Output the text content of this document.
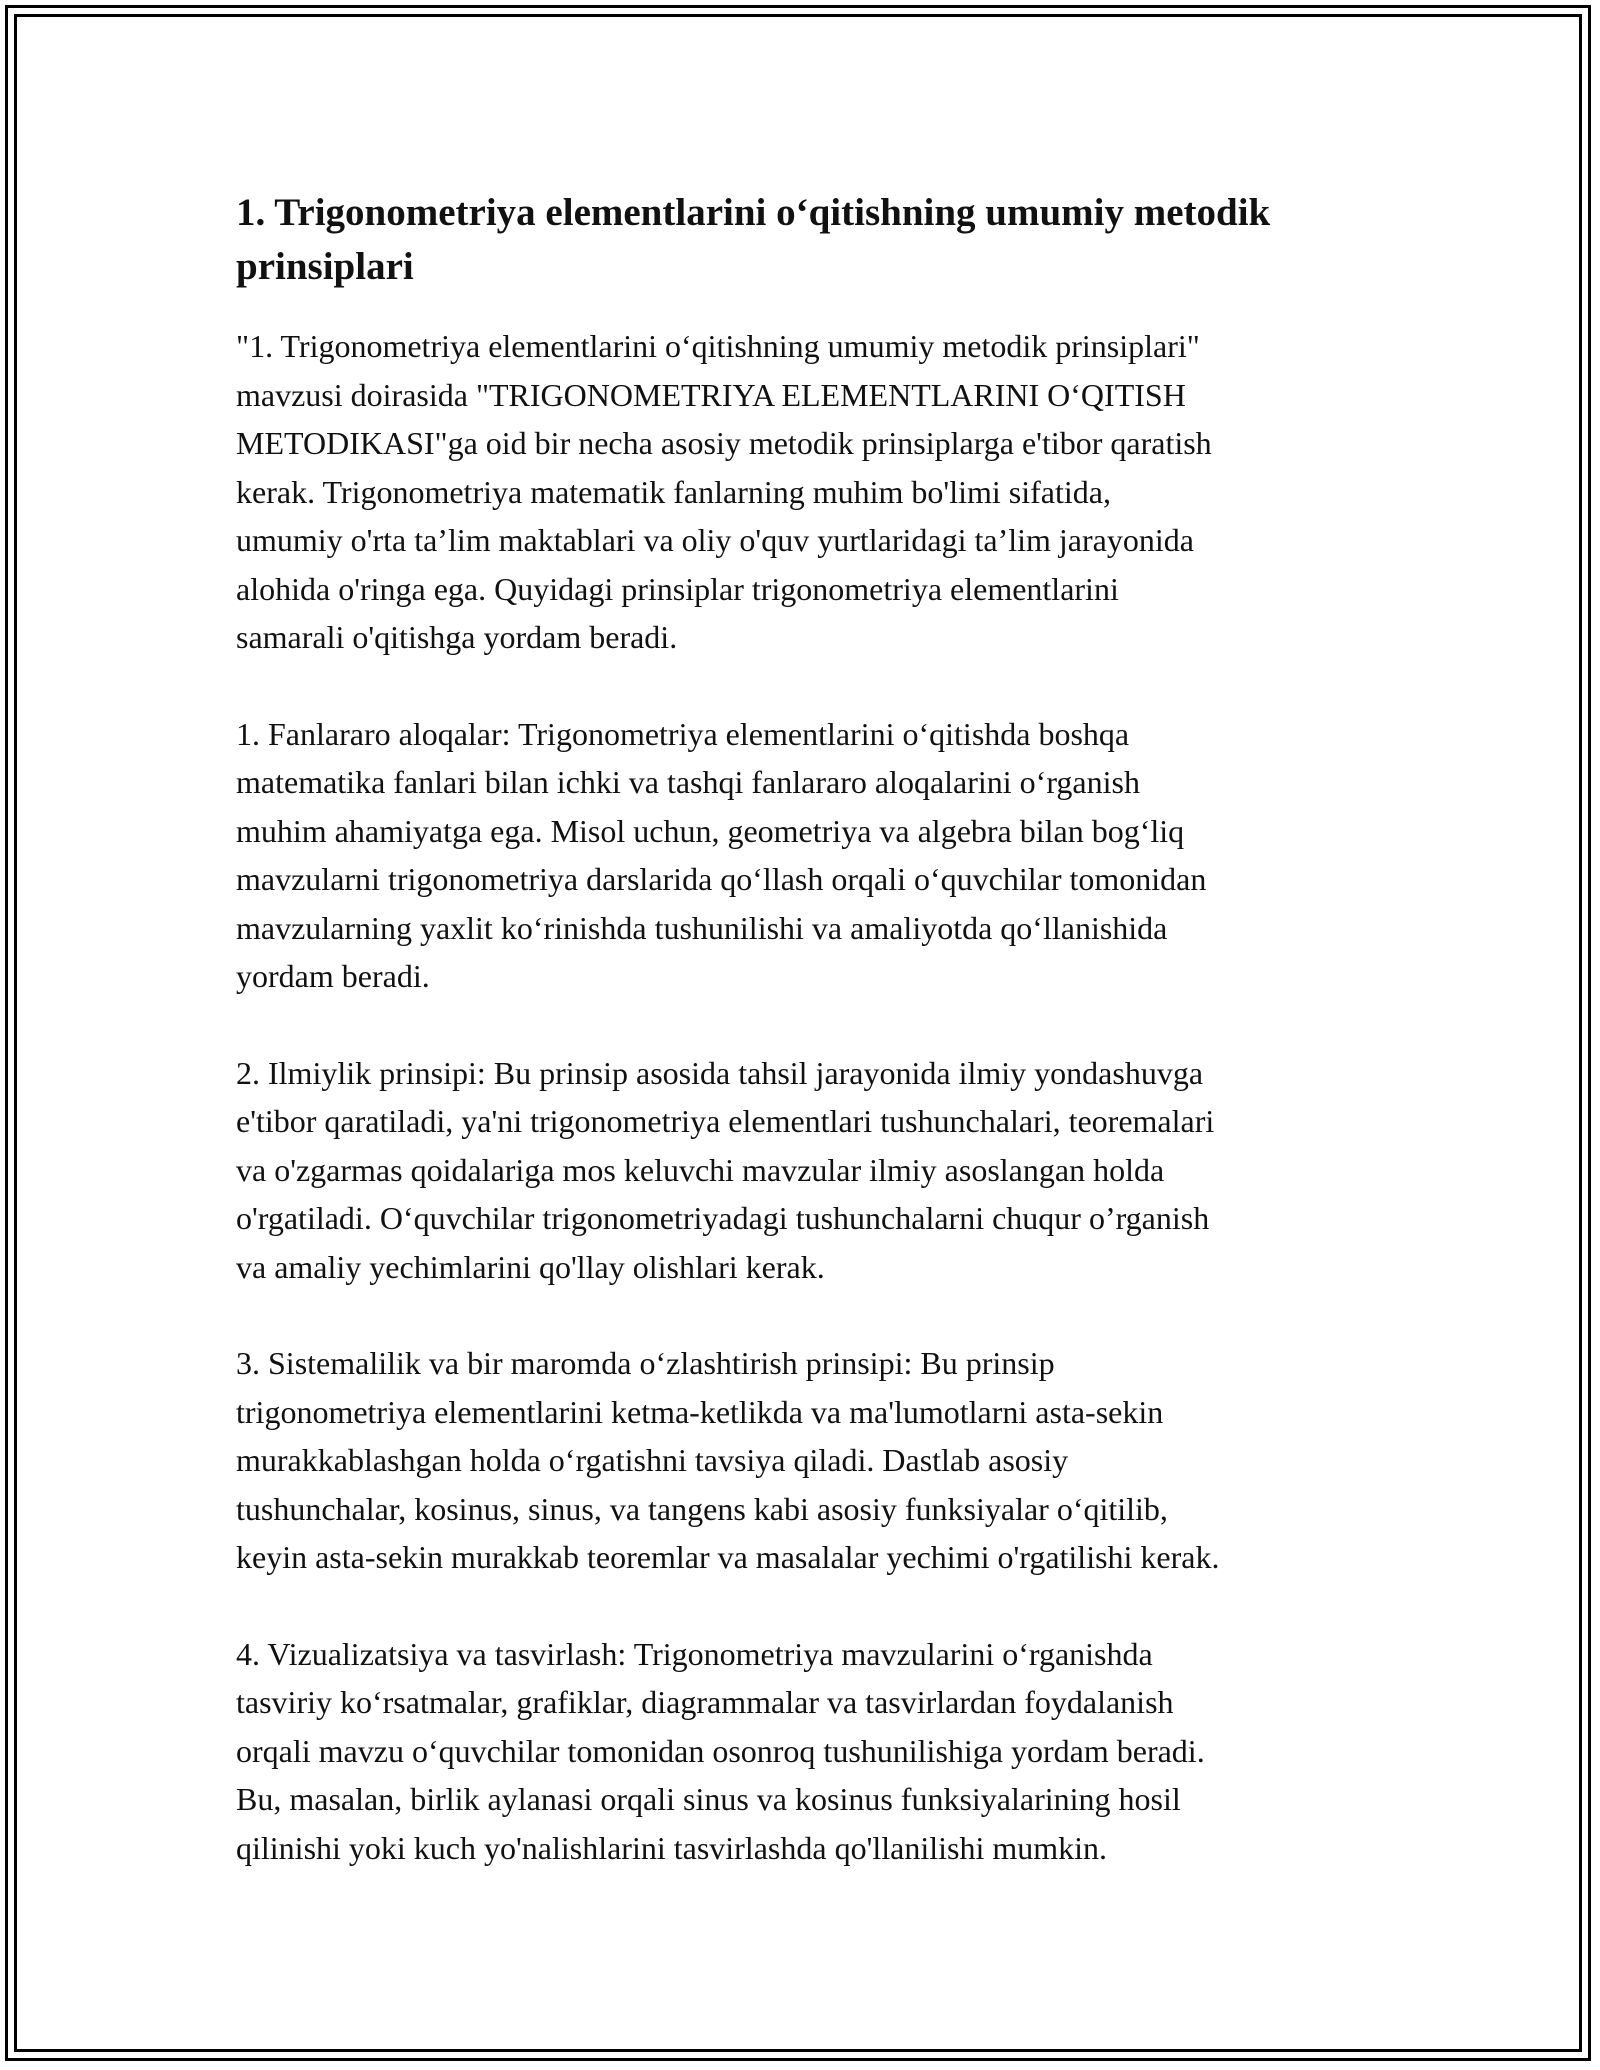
1. Trigonometriya elementlarini o‘qitishning umumiy metodik prinsiplari

"1. Trigonometriya elementlarini o‘qitishning umumiy metodik prinsiplari"
mavzusi doirasida "TRIGONOMETRIYA ELEMENTLARINI O‘QITISH
METODIKASI"ga oid bir necha asosiy metodik prinsiplarga e'tibor qaratish
kerak. Trigonometriya matematik fanlarning muhim bo'limi sifatida,
umumiy o'rta ta’lim maktablari va oliy o'quv yurtlaridagi ta’lim jarayonida
alohida o'ringa ega. Quyidagi prinsiplar trigonometriya elementlarini
samarali o'qitishga yordam beradi.

1. Fanlararo aloqalar: Trigonometriya elementlarini o‘qitishda boshqa
matematika fanlari bilan ichki va tashqi fanlararo aloqalarini o‘rganish
muhim ahamiyatga ega. Misol uchun, geometriya va algebra bilan bog‘liq
mavzularni trigonometriya darslarida qo‘llash orqali o‘quvchilar tomonidan
mavzularning yaxlit ko‘rinishda tushunilishi va amaliyotda qo‘llanishida
yordam beradi.

2. Ilmiylik prinsipi: Bu prinsip asosida tahsil jarayonida ilmiy yondashuvga
e'tibor qaratiladi, ya'ni trigonometriya elementlari tushunchalari, teoremalari
va o'zgarmas qoidalariga mos keluvchi mavzular ilmiy asoslangan holda
o'rgatiladi. O‘quvchilar trigonometriyadagi tushunchalarni chuqur o’rganish
va amaliy yechimlarini qo'llay olishlari kerak.

3. Sistemalilik va bir maromda o‘zlashtirish prinsipi: Bu prinsip
trigonometriya elementlarini ketma-ketlikda va ma'lumotlarni asta-sekin
murakkablashgan holda o‘rgatishni tavsiya qiladi. Dastlab asosiy
tushunchalar, kosinus, sinus, va tangens kabi asosiy funksiyalar o‘qitilib,
keyin asta-sekin murakkab teoremlar va masalalar yechimi o'rgatilishi kerak.

4. Vizualizatsiya va tasvirlash: Trigonometriya mavzularini o‘rganishda
tasviriy ko‘rsatmalar, grafiklar, diagrammalar va tasvirlardan foydalanish
orqali mavzu o‘quvchilar tomonidan osonroq tushunilishiga yordam beradi.
Bu, masalan, birlik aylanasi orqali sinus va kosinus funksiyalarining hosil
qilinishi yoki kuch yo'nalishlarini tasvirlashda qo'llanilishi mumkin.
